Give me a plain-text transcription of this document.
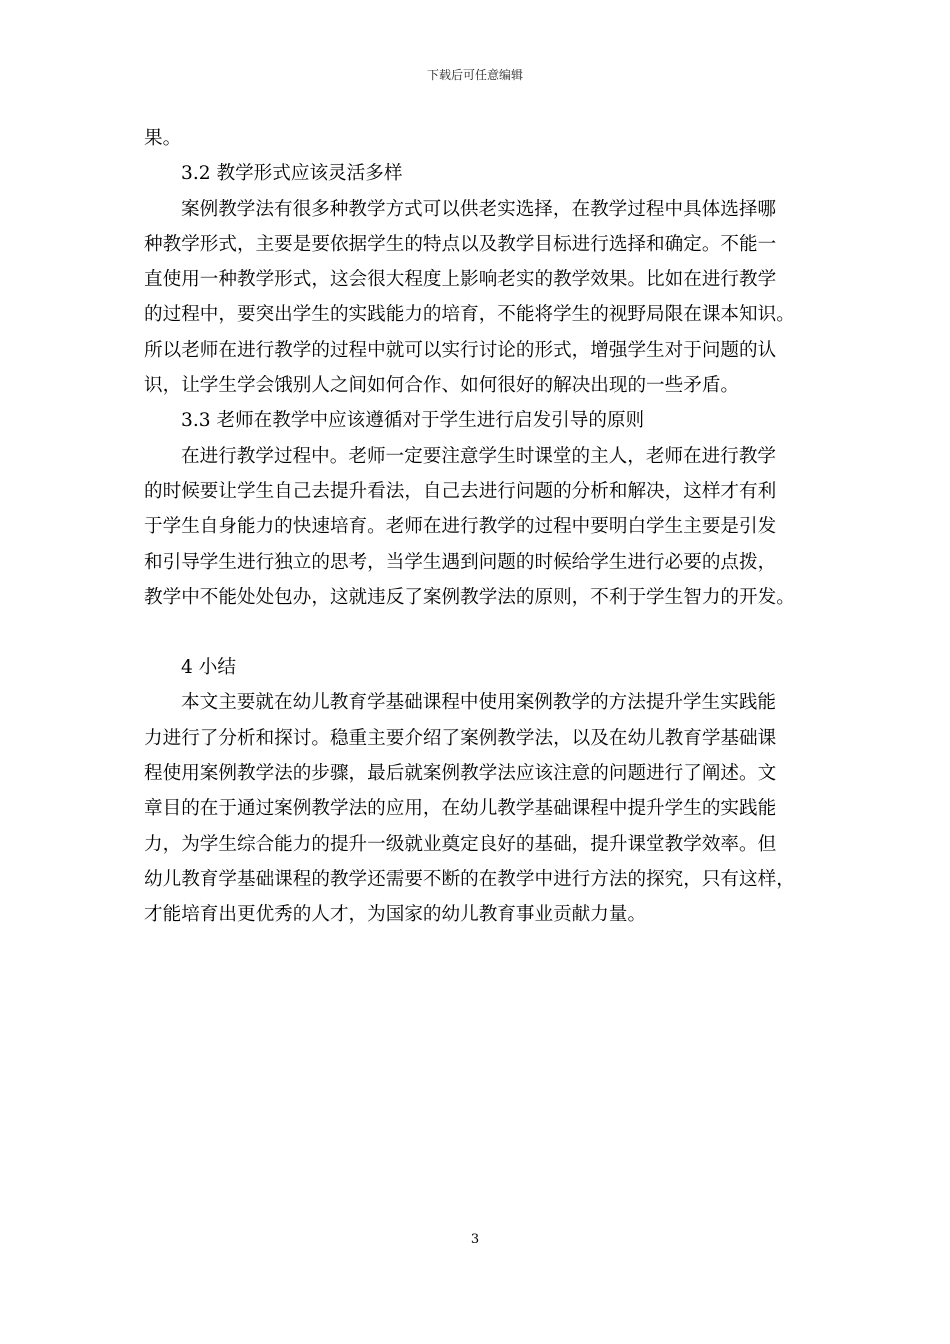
下载后可任意编辑

果。

3.2 教学形式应该灵活多样

案例教学法有很多种教学方式可以供老实选择，在教学过程中具体选择哪
种教学形式，主要是要依据学生的特点以及教学目标进行选择和确定。不能一
直使用一种教学形式，这会很大程度上影响老实的教学效果。比如在进行教学
的过程中，要突出学生的实践能力的培育，不能将学生的视野局限在课本知识。
所以老师在进行教学的过程中就可以实行讨论的形式，增强学生对于问题的认
识，让学生学会饿别人之间如何合作、如何很好的解决出现的一些矛盾。

3.3 老师在教学中应该遵循对于学生进行启发引导的原则

在进行教学过程中。老师一定要注意学生时课堂的主人，老师在进行教学
的时候要让学生自己去提升看法，自己去进行问题的分析和解决，这样才有利
于学生自身能力的快速培育。老师在进行教学的过程中要明白学生主要是引发
和引导学生进行独立的思考，当学生遇到问题的时候给学生进行必要的点拨，
教学中不能处处包办，这就违反了案例教学法的原则，不利于学生智力的开发。

4 小结

本文主要就在幼儿教育学基础课程中使用案例教学的方法提升学生实践能
力进行了分析和探讨。稳重主要介绍了案例教学法，以及在幼儿教育学基础课
程使用案例教学法的步骤，最后就案例教学法应该注意的问题进行了阐述。文
章目的在于通过案例教学法的应用，在幼儿教学基础课程中提升学生的实践能
力，为学生综合能力的提升一级就业奠定良好的基础，提升课堂教学效率。但
幼儿教育学基础课程的教学还需要不断的在教学中进行方法的探究，只有这样，
才能培育出更优秀的人才，为国家的幼儿教育事业贡献力量。
3
